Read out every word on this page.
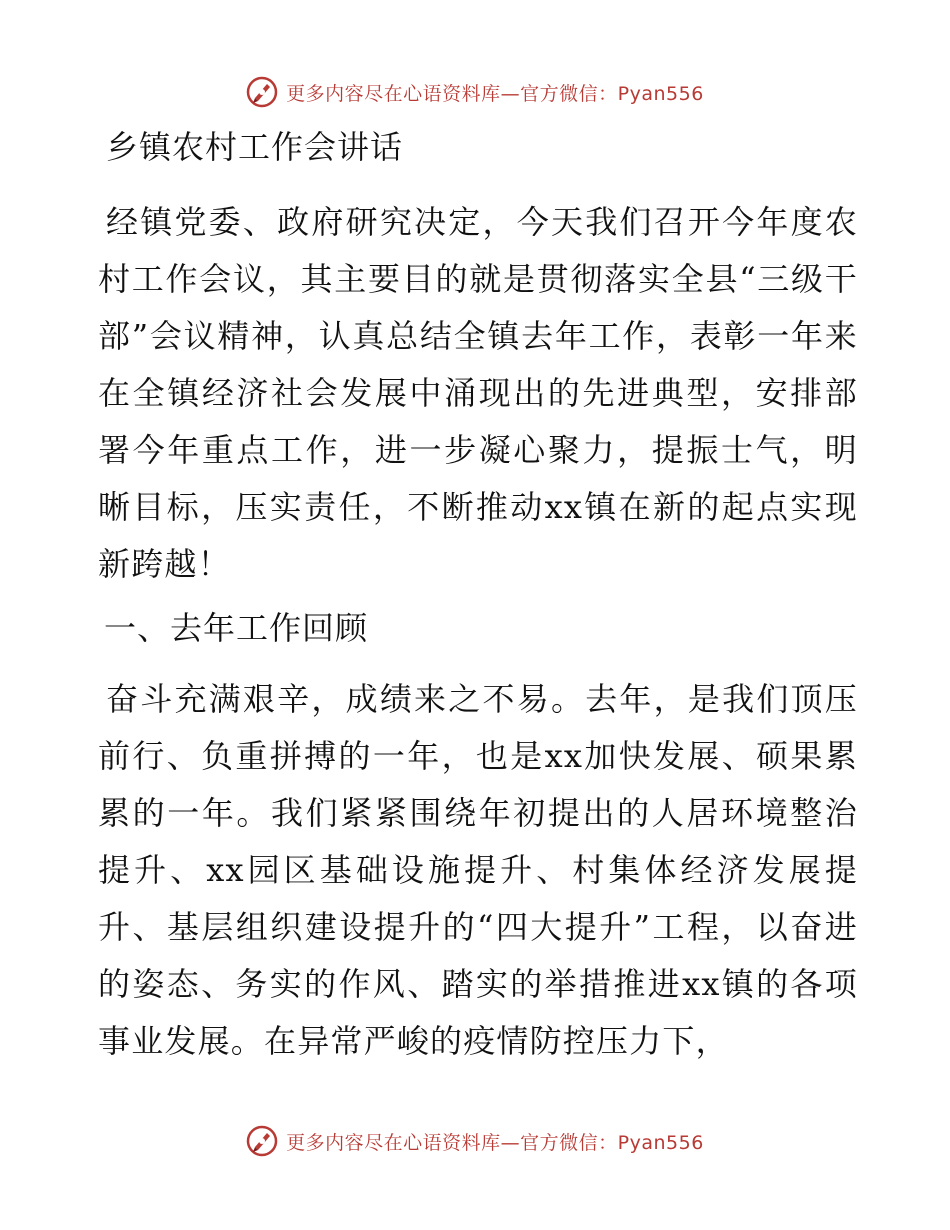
更多内容尽在心语资料库—官方微信：Pyan556
乡镇农村工作会讲话

经镇党委、政府研究决定，今天我们召开今年度农村工作会议，其主要目的就是贯彻落实全县“三级干部”会议精神，认真总结全镇去年工作，表彰一年来在全镇经济社会发展中涌现出的先进典型，安排部署今年重点工作，进一步凝心聚力，提振士气，明晰目标，压实责任，不断推动xx镇在新的起点实现新跨越！

一、去年工作回顾

奋斗充满艰辛，成绩来之不易。去年，是我们顶压前行、负重拼搏的一年，也是xx加快发展、硕果累累的一年。我们紧紧围绕年初提出的人居环境整治提升、xx园区基础设施提升、村集体经济发展提升、基层组织建设提升的“四大提升”工程，以奋进的姿态、务实的作风、踏实的举措推进xx镇的各项事业发展。在异常严峻的疫情防控压力下，

更多内容尽在心语资料库—官方微信：Pyan556
